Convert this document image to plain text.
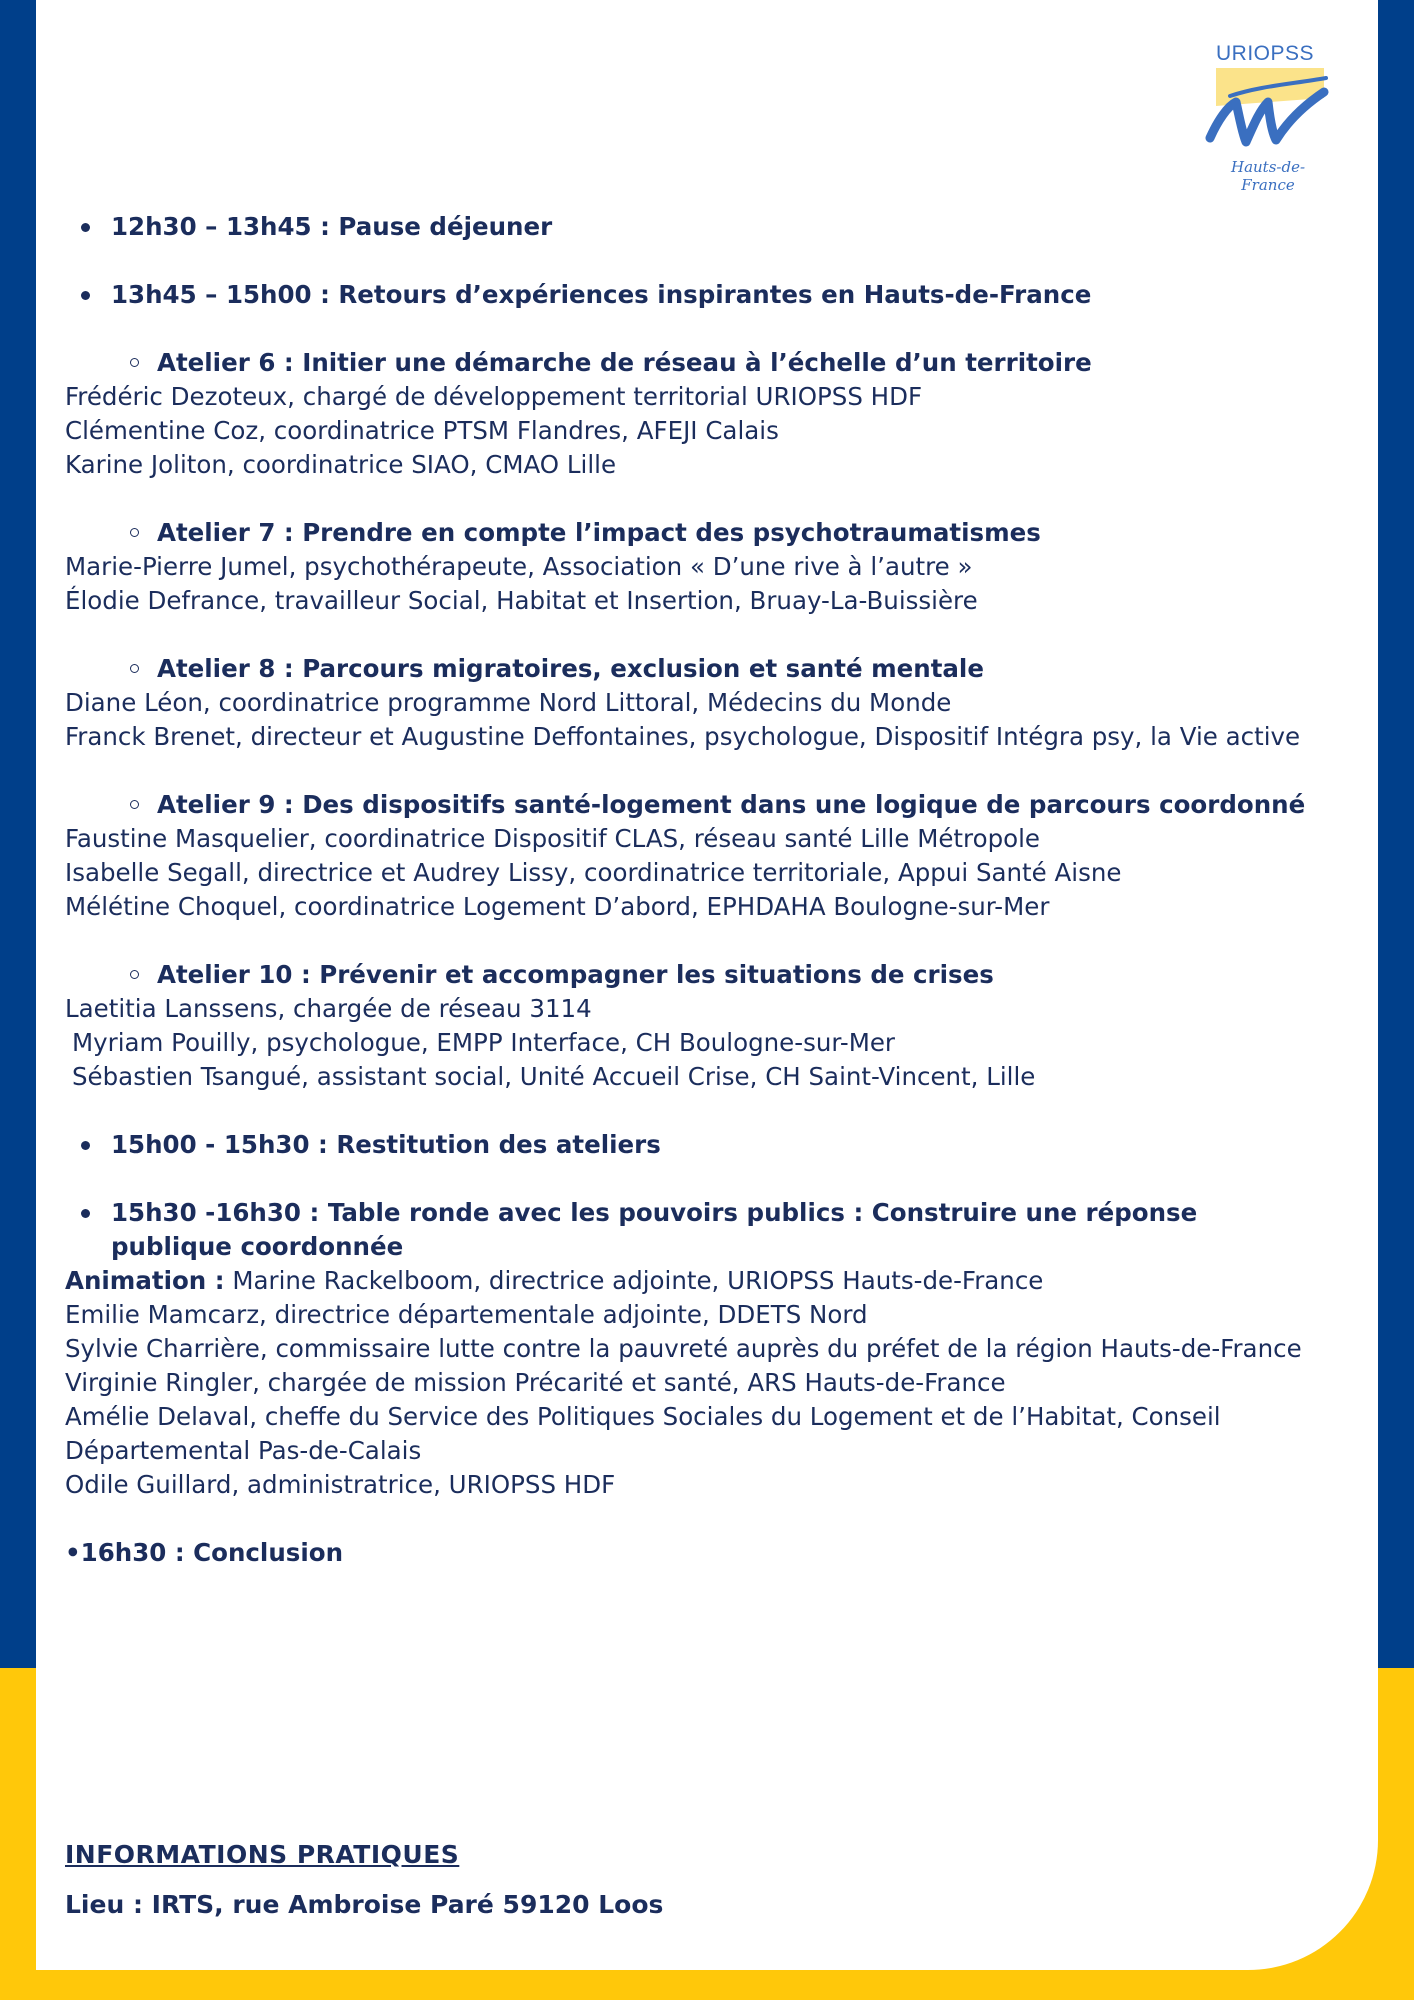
URIOPSS
Hauts-de-France

12h30 – 13h45 : Pause déjeuner

13h45 – 15h00 : Retours d’expériences inspirantes en Hauts-de-France

Atelier 6 : Initier une démarche de réseau à l’échelle d’un territoire

Frédéric Dezoteux, chargé de développement territorial URIOPSS HDF

Clémentine Coz, coordinatrice PTSM Flandres, AFEJI Calais

Karine Joliton, coordinatrice SIAO, CMAO Lille

Atelier 7 : Prendre en compte l’impact des psychotraumatismes

Marie-Pierre Jumel, psychothérapeute, Association « D’une rive à l’autre »

Élodie Defrance, travailleur Social, Habitat et Insertion, Bruay-La-Buissière

Atelier 8 : Parcours migratoires, exclusion et santé mentale

Diane Léon, coordinatrice programme Nord Littoral, Médecins du Monde

Franck Brenet, directeur et Augustine Deffontaines, psychologue, Dispositif Intégra psy, la Vie active

Atelier 9 : Des dispositifs santé-logement dans une logique de parcours coordonné

Faustine Masquelier, coordinatrice Dispositif CLAS, réseau santé Lille Métropole

Isabelle Segall, directrice et Audrey Lissy, coordinatrice territoriale, Appui Santé Aisne

Mélétine Choquel, coordinatrice Logement D’abord, EPHDAHA Boulogne-sur-Mer

Atelier 10 : Prévenir et accompagner les situations de crises

Laetitia Lanssens, chargée de réseau 3114

Myriam Pouilly, psychologue, EMPP Interface, CH Boulogne-sur-Mer

Sébastien Tsangué, assistant social, Unité Accueil Crise, CH Saint-Vincent, Lille

15h00 - 15h30 : Restitution des ateliers

15h30 -16h30 : Table ronde avec les pouvoirs publics : Construire une réponse publique coordonnée

Animation : Marine Rackelboom, directrice adjointe, URIOPSS Hauts-de-France

Emilie Mamcarz, directrice départementale adjointe, DDETS Nord

Sylvie Charrière, commissaire lutte contre la pauvreté auprès du préfet de la région Hauts-de-France

Virginie Ringler, chargée de mission Précarité et santé, ARS Hauts-de-France

Amélie Delaval, cheffe du Service des Politiques Sociales du Logement et de l’Habitat, Conseil Départemental Pas-de-Calais

Odile Guillard, administratrice, URIOPSS HDF

•16h30 : Conclusion

INFORMATIONS PRATIQUES
Lieu : IRTS, rue Ambroise Paré 59120 Loos
